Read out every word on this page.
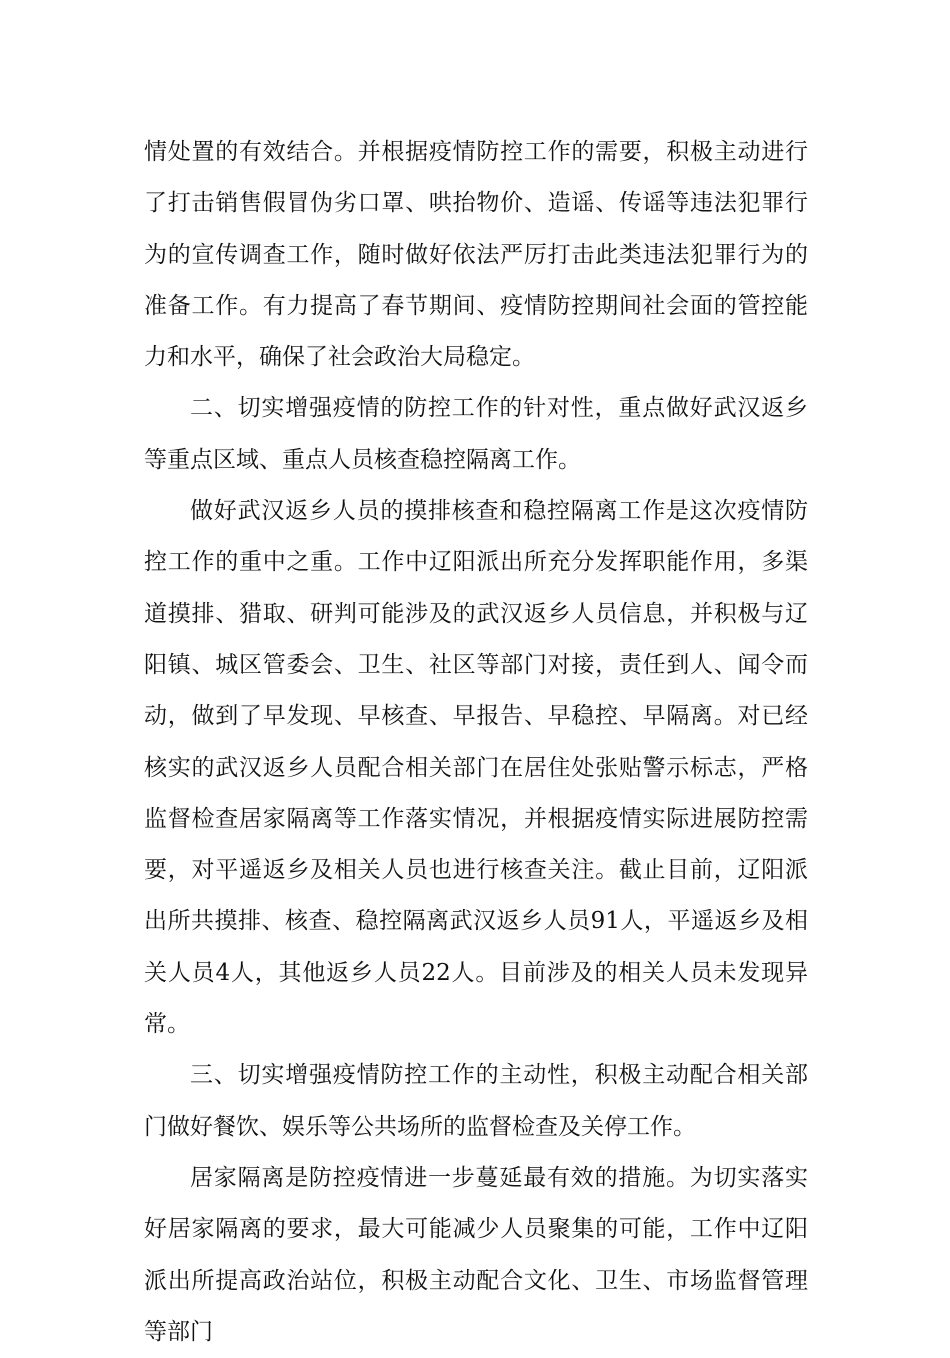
情处置的有效结合。并根据疫情防控工作的需要，积极主动进行了打击销售假冒伪劣口罩、哄抬物价、造谣、传谣等违法犯罪行为的宣传调查工作，随时做好依法严厉打击此类违法犯罪行为的准备工作。有力提高了春节期间、疫情防控期间社会面的管控能力和水平，确保了社会政治大局稳定。

二、切实增强疫情的防控工作的针对性，重点做好武汉返乡等重点区域、重点人员核查稳控隔离工作。

做好武汉返乡人员的摸排核查和稳控隔离工作是这次疫情防控工作的重中之重。工作中辽阳派出所充分发挥职能作用，多渠道摸排、猎取、研判可能涉及的武汉返乡人员信息，并积极与辽阳镇、城区管委会、卫生、社区等部门对接，责任到人、闻令而动，做到了早发现、早核查、早报告、早稳控、早隔离。对已经核实的武汉返乡人员配合相关部门在居住处张贴警示标志，严格监督检查居家隔离等工作落实情况，并根据疫情实际进展防控需要，对平遥返乡及相关人员也进行核查关注。截止目前，辽阳派出所共摸排、核查、稳控隔离武汉返乡人员91人，平遥返乡及相关人员4人，其他返乡人员22人。目前涉及的相关人员未发现异常。

三、切实增强疫情防控工作的主动性，积极主动配合相关部门做好餐饮、娱乐等公共场所的监督检查及关停工作。

居家隔离是防控疫情进一步蔓延最有效的措施。为切实落实好居家隔离的要求，最大可能减少人员聚集的可能，工作中辽阳派出所提高政治站位，积极主动配合文化、卫生、市场监督管理等部门
